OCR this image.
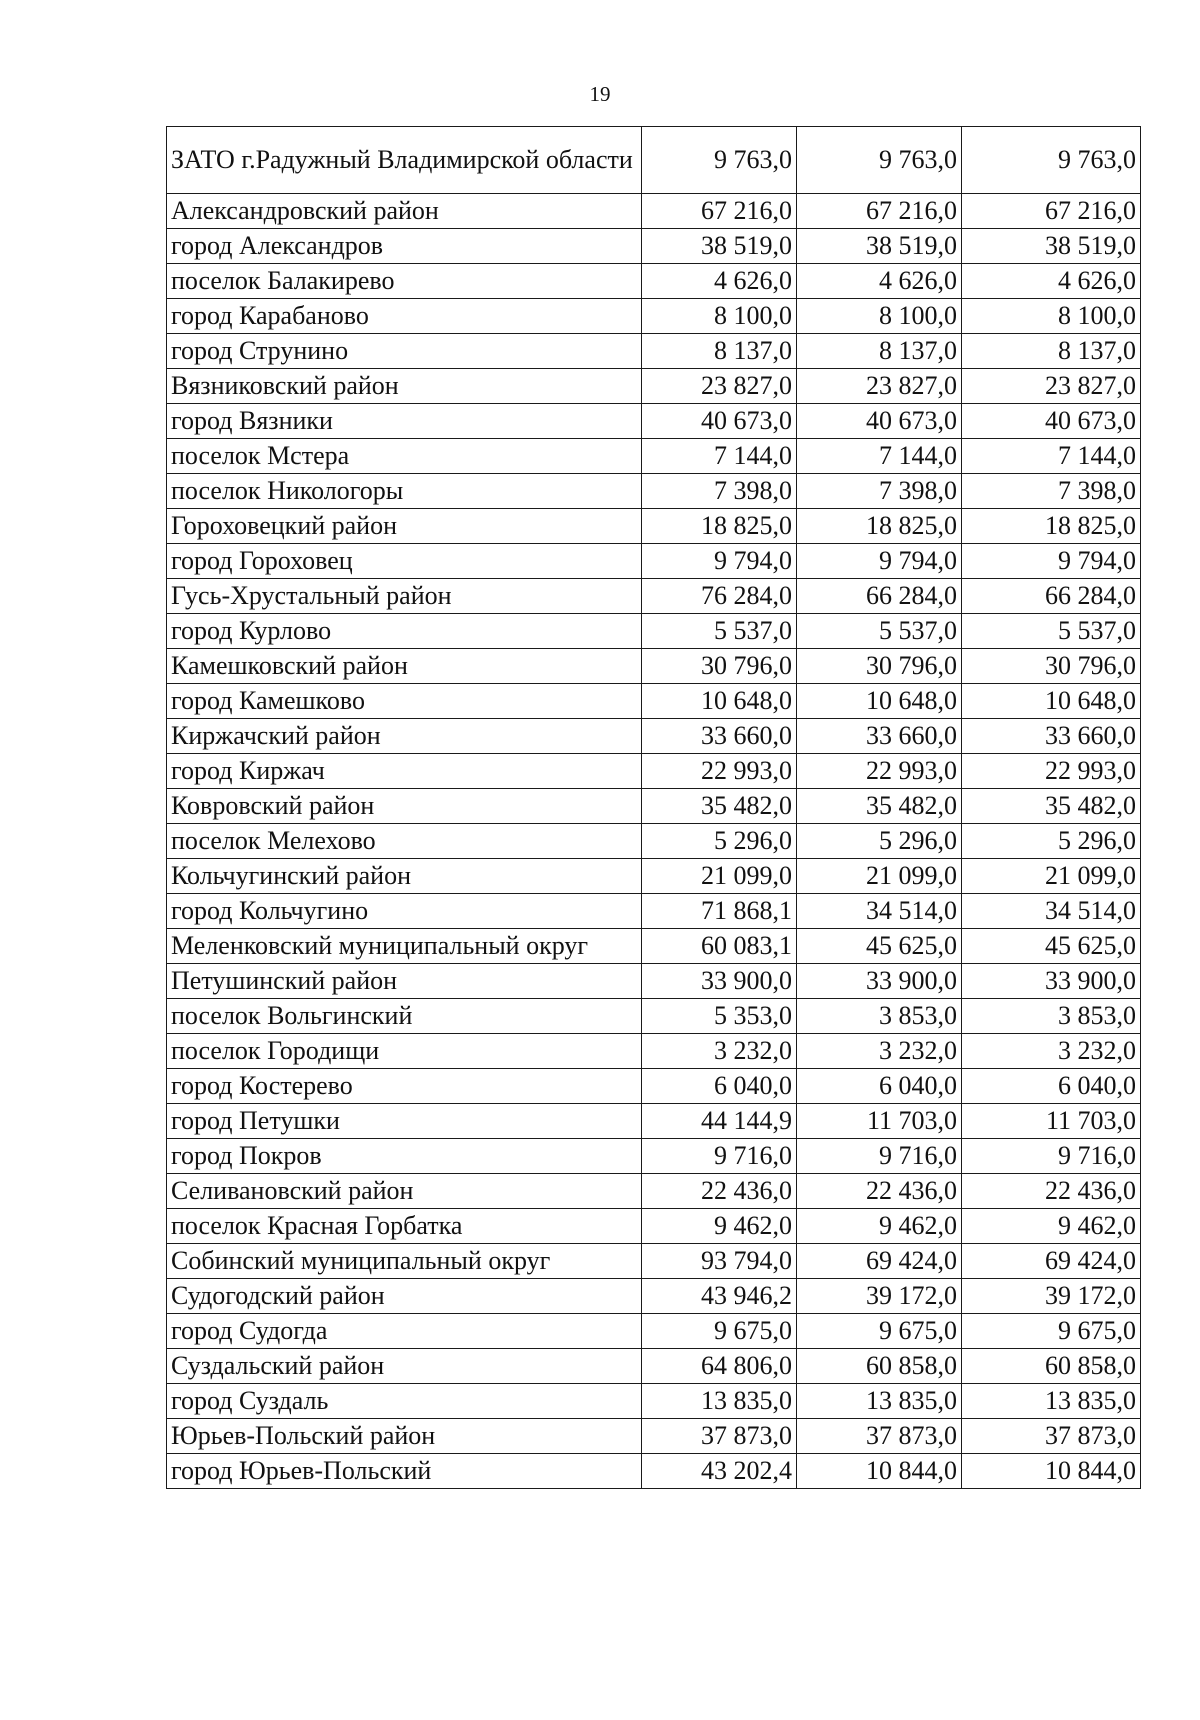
19
ЗАТО г.Радужный Владимирской области	9 763,0	9 763,0	9 763,0
Александровский район	67 216,0	67 216,0	67 216,0
город Александров	38 519,0	38 519,0	38 519,0
поселок Балакирево	4 626,0	4 626,0	4 626,0
город Карабаново	8 100,0	8 100,0	8 100,0
город Струнино	8 137,0	8 137,0	8 137,0
Вязниковский район	23 827,0	23 827,0	23 827,0
город Вязники	40 673,0	40 673,0	40 673,0
поселок Мстера	7 144,0	7 144,0	7 144,0
поселок Никологоры	7 398,0	7 398,0	7 398,0
Гороховецкий район	18 825,0	18 825,0	18 825,0
город Гороховец	9 794,0	9 794,0	9 794,0
Гусь-Хрустальный район	76 284,0	66 284,0	66 284,0
город Курлово	5 537,0	5 537,0	5 537,0
Камешковский район	30 796,0	30 796,0	30 796,0
город Камешково	10 648,0	10 648,0	10 648,0
Киржачский район	33 660,0	33 660,0	33 660,0
город Киржач	22 993,0	22 993,0	22 993,0
Ковровский район	35 482,0	35 482,0	35 482,0
поселок Мелехово	5 296,0	5 296,0	5 296,0
Кольчугинский район	21 099,0	21 099,0	21 099,0
город Кольчугино	71 868,1	34 514,0	34 514,0
Меленковский муниципальный округ	60 083,1	45 625,0	45 625,0
Петушинский район	33 900,0	33 900,0	33 900,0
поселок Вольгинский	5 353,0	3 853,0	3 853,0
поселок Городищи	3 232,0	3 232,0	3 232,0
город Костерево	6 040,0	6 040,0	6 040,0
город Петушки	44 144,9	11 703,0	11 703,0
город Покров	9 716,0	9 716,0	9 716,0
Селивановский район	22 436,0	22 436,0	22 436,0
поселок Красная Горбатка	9 462,0	9 462,0	9 462,0
Собинский муниципальный округ	93 794,0	69 424,0	69 424,0
Судогодский район	43 946,2	39 172,0	39 172,0
город Судогда	9 675,0	9 675,0	9 675,0
Суздальский район	64 806,0	60 858,0	60 858,0
город Суздаль	13 835,0	13 835,0	13 835,0
Юрьев-Польский район	37 873,0	37 873,0	37 873,0
город Юрьев-Польский	43 202,4	10 844,0	10 844,0
